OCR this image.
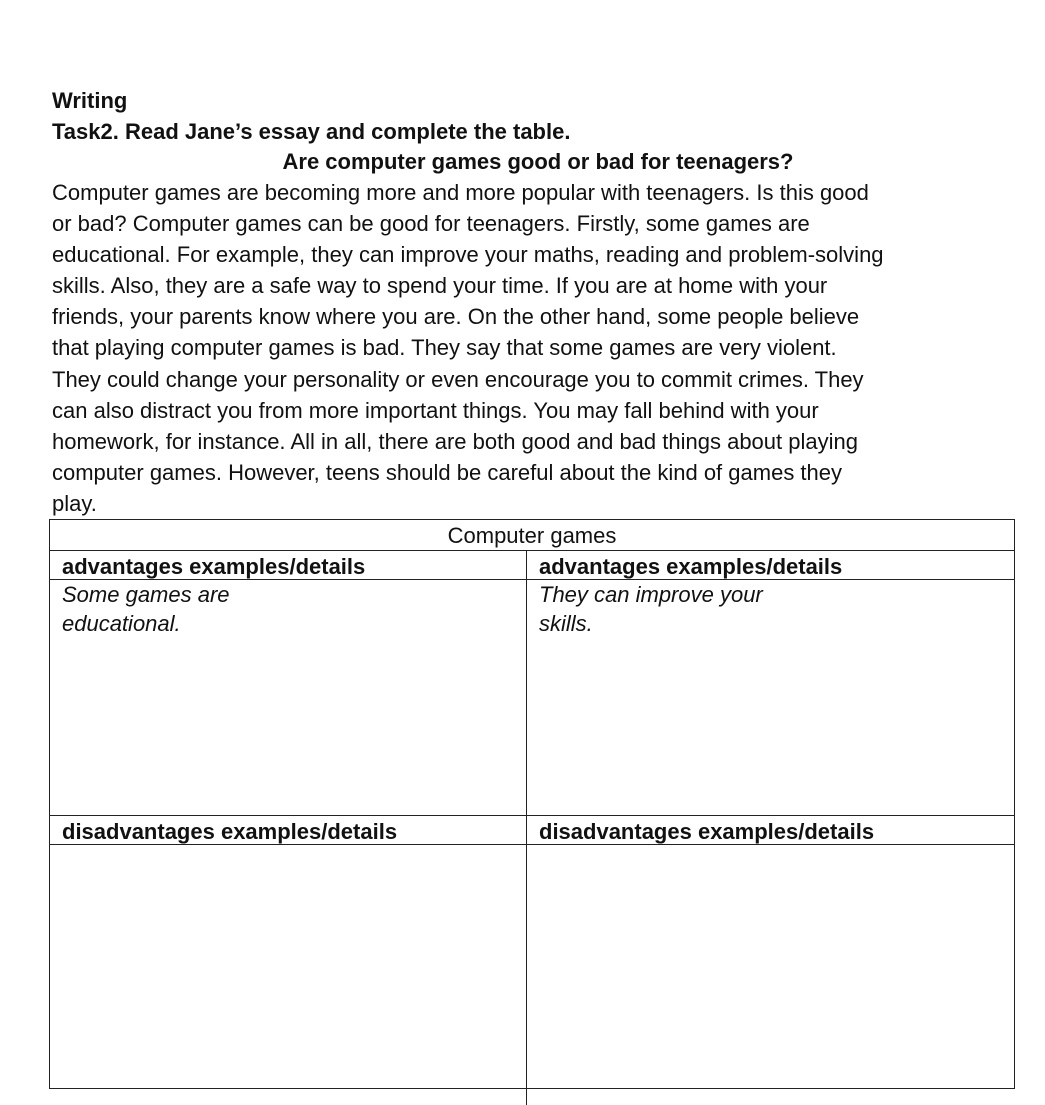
Writing
Task2. Read Jane’s essay and complete the table.
Are computer games good or bad for teenagers?
Computer games are becoming more and more popular with teenagers. Is this good
or bad? Computer games can be good for teenagers. Firstly, some games are
educational. For example, they can improve your maths, reading and problem-solving
skills. Also, they are a safe way to spend your time. If you are at home with your
friends, your parents know where you are. On the other hand, some people believe
that playing computer games is bad. They say that some games are very violent.
They could change your personality or even encourage you to commit crimes. They
can also distract you from more important things. You may fall behind with your
homework, for instance. All in all, there are both good and bad things about playing
computer games. However, teens should be careful about the kind of games they
play.
Computer games
advantages examples/details	advantages examples/details
Some games are
educational.
They can improve your
skills.
disadvantages examples/details	disadvantages examples/details
